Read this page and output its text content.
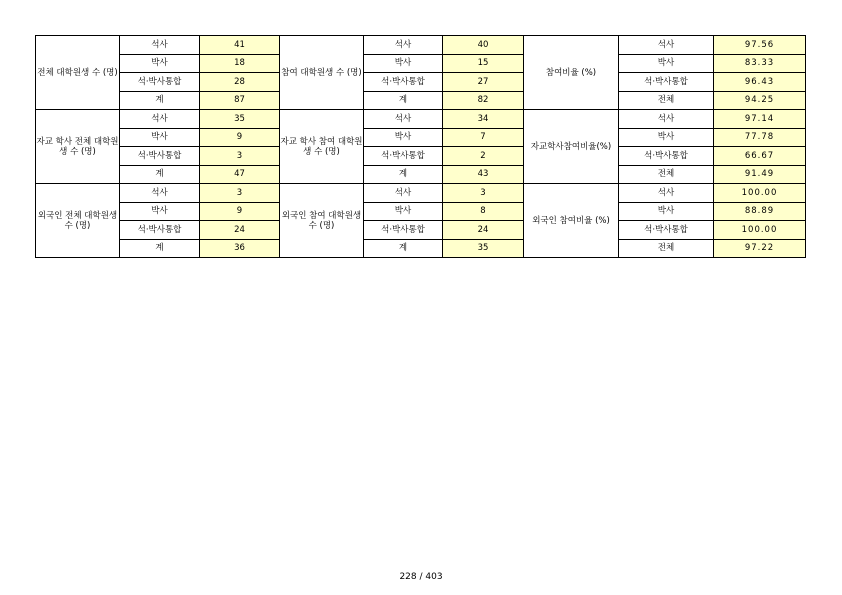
전체 대학원생 수 (명)	석사	41	참여 대학원생 수 (명)	석사	40	참여비율 (%)	석사	97.56
	박사	18		박사	15		박사	83.33
	석·박사통합	28		석·박사통합	27		석·박사통합	96.43
	계	87		계	82		전체	94.25
자교 학사 전체 대학원생 수 (명)	석사	35	자교 학사 참여 대학원생 수 (명)	석사	34	자교학사참여비율(%)	석사	97.14
	박사	9		박사	7		박사	77.78
	석·박사통합	3		석·박사통합	2		석·박사통합	66.67
	계	47		계	43		전체	91.49
외국인 전체 대학원생 수 (명)	석사	3	외국인 참여 대학원생 수 (명)	석사	3	외국인 참여비율 (%)	석사	100.00
	박사	9		박사	8		박사	88.89
	석·박사통합	24		석·박사통합	24		석·박사통합	100.00
	계	36		계	35		전체	97.22
228 / 403
